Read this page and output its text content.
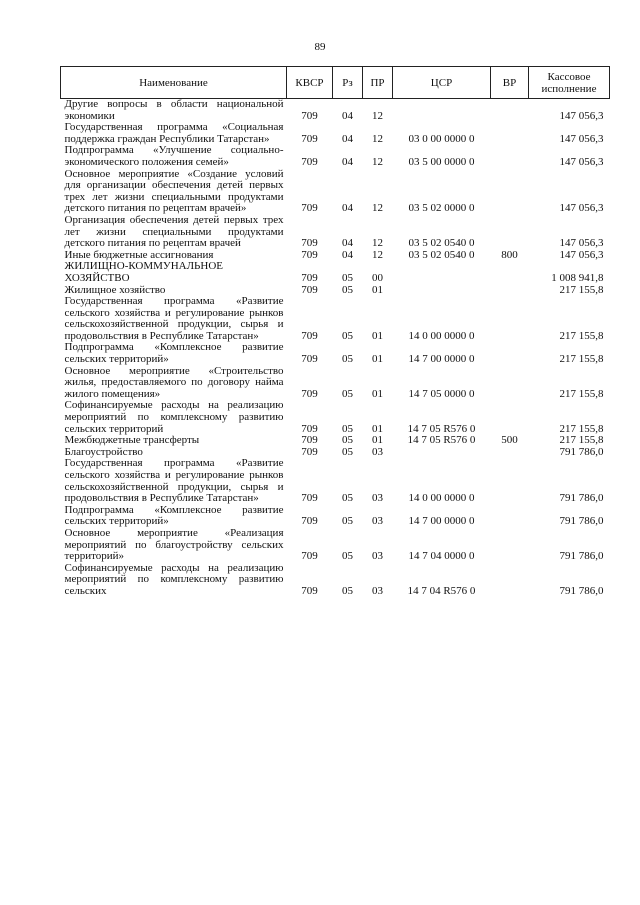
89
Наименование	КВСР	Рз	ПР	ЦСР	ВР	Кассовое исполнение
Другие вопросы в области национальной экономики	709	04	12			147 056,3
Государственная программа «Социальная поддержка граждан Республики Татарстан»	709	04	12	03 0 00 0000 0		147 056,3
Подпрограмма «Улучшение социально-экономического положения семей»	709	04	12	03 5 00 0000 0		147 056,3
Основное мероприятие «Создание условий для организации обеспечения детей первых трех лет жизни специальными продуктами детского питания по рецептам врачей»	709	04	12	03 5 02 0000 0		147 056,3
Организация обеспечения детей первых трех лет жизни специальными продуктами детского питания по рецептам врачей	709	04	12	03 5 02 0540 0		147 056,3
Иные бюджетные ассигнования	709	04	12	03 5 02 0540 0	800	147 056,3
ЖИЛИЩНО-КОММУНАЛЬНОЕ ХОЗЯЙСТВО	709	05	00			1 008 941,8
Жилищное хозяйство	709	05	01			217 155,8
Государственная программа «Развитие сельского хозяйства и регулирование рынков сельскохозяйственной продукции, сырья и продовольствия в Республике Татарстан»	709	05	01	14 0 00 0000 0		217 155,8
Подпрограмма «Комплексное развитие сельских территорий»	709	05	01	14 7 00 0000 0		217 155,8
Основное мероприятие «Строительство жилья, предоставляемого по договору найма жилого помещения»	709	05	01	14 7 05 0000 0		217 155,8
Софинансируемые расходы на реализацию мероприятий по комплексному развитию сельских территорий	709	05	01	14 7 05 R576 0		217 155,8
Межбюджетные трансферты	709	05	01	14 7 05 R576 0	500	217 155,8
Благоустройство	709	05	03			791 786,0
Государственная программа «Развитие сельского хозяйства и регулирование рынков сельскохозяйственной продукции, сырья и продовольствия в Республике Татарстан»	709	05	03	14 0 00 0000 0		791 786,0
Подпрограмма «Комплексное развитие сельских территорий»	709	05	03	14 7 00 0000 0		791 786,0
Основное мероприятие «Реализация мероприятий по благоустройству сельских территорий»	709	05	03	14 7 04 0000 0		791 786,0
Софинансируемые расходы на реализацию мероприятий по комплексному развитию сельских	709	05	03	14 7 04 R576 0		791 786,0
